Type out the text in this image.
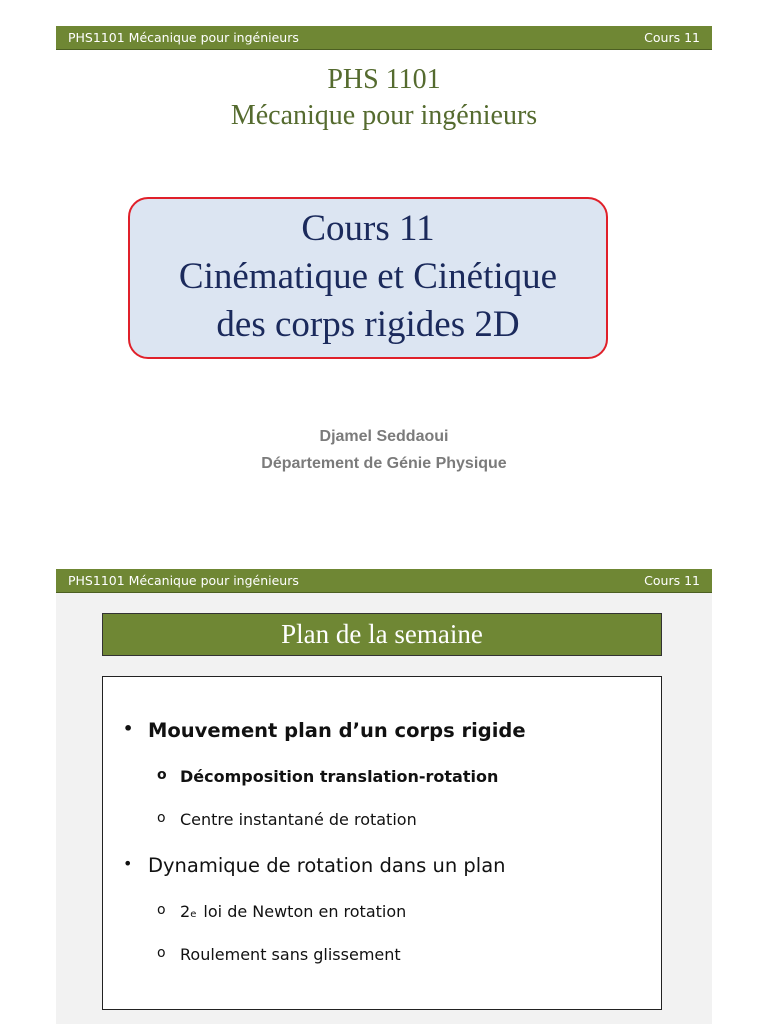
PHS1101 Mécanique pour ingénieurs	Cours 11
PHS 1101
Mécanique pour ingénieurs
Cours 11
Cinématique et Cinétique
des corps rigides 2D
Djamel Seddaoui
Département de Génie Physique
PHS1101 Mécanique pour ingénieurs	Cours 11
Plan de la semaine
• Mouvement plan d’un corps rigide
o Décomposition translation-rotation
o Centre instantané de rotation
• Dynamique de rotation dans un plan
o 2 e loi de Newton en rotation
o Roulement sans glissement
